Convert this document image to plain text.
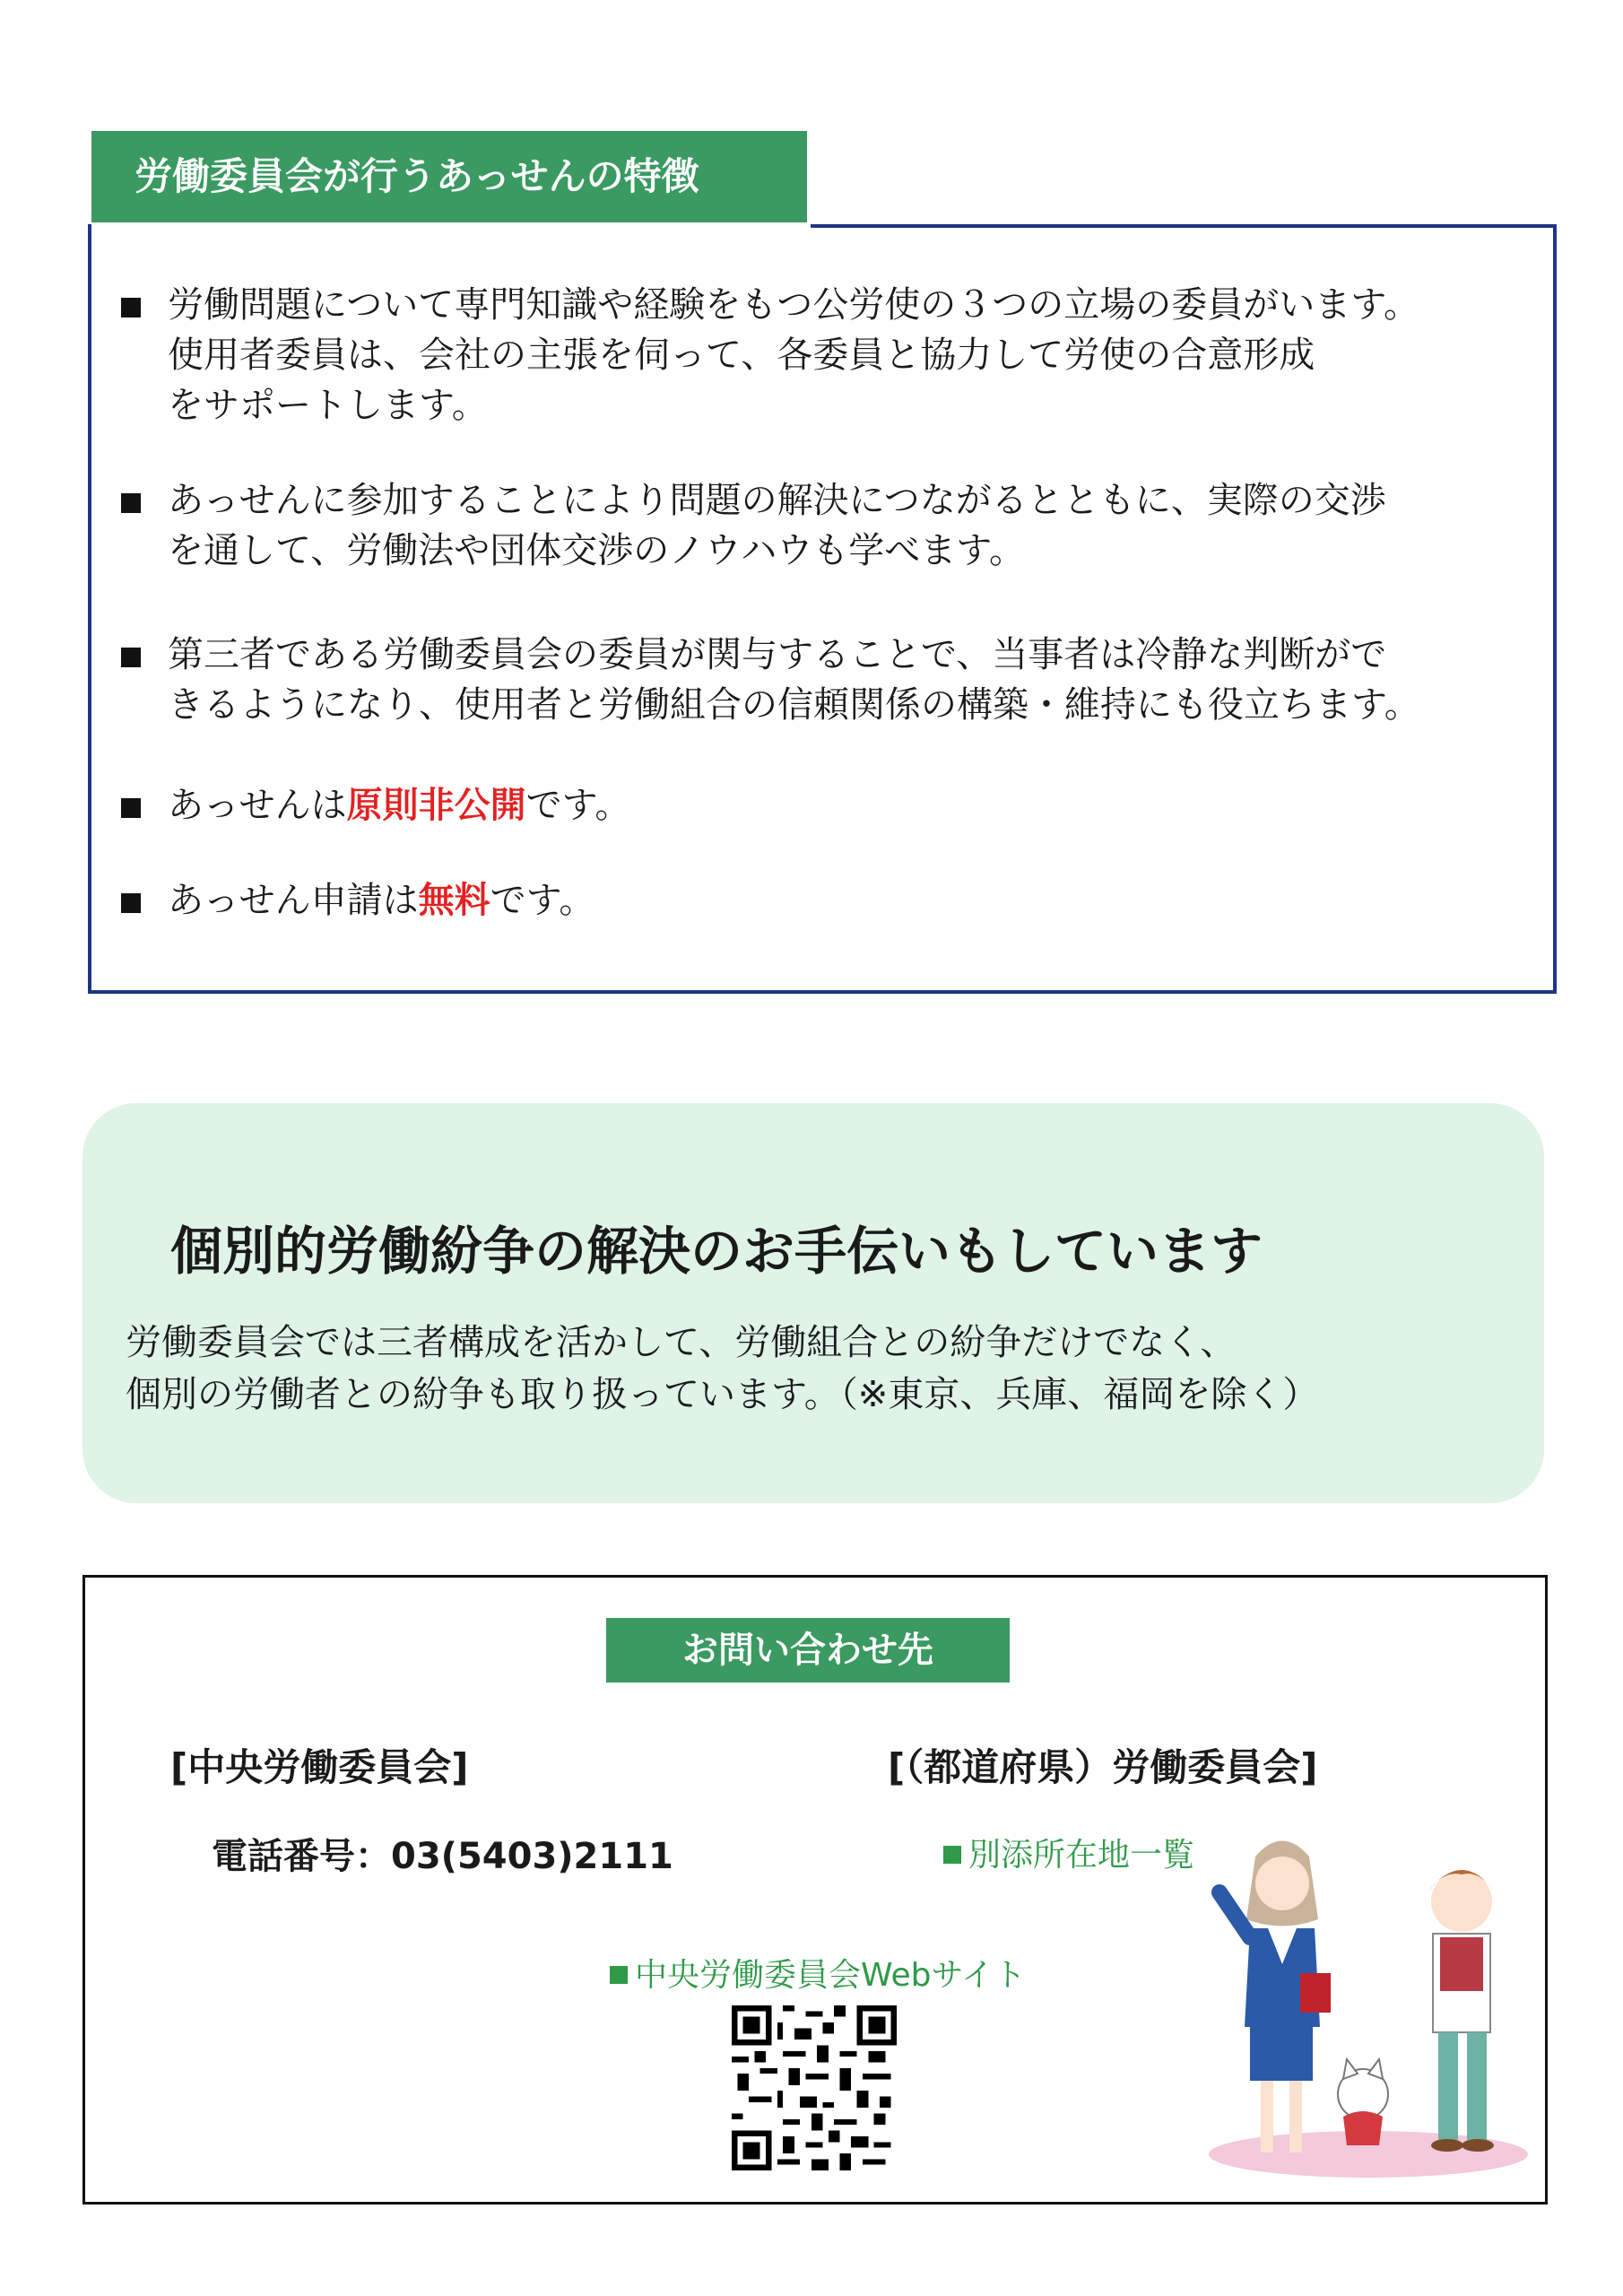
労働委員会が行うあっせんの特徴
労働問題について専門知識や経験をもつ公労使の３つの立場の委員がいます。
使用者委員は、会社の主張を伺って、各委員と協力して労使の合意形成
をサポートします。
あっせんに参加することにより問題の解決につながるとともに、実際の交渉
を通して、労働法や団体交渉のノウハウも学べます。
第三者である労働委員会の委員が関与することで、当事者は冷静な判断がで
きるようになり、使用者と労働組合の信頼関係の構築・維持にも役立ちます。
あっせんは原則非公開です。
あっせん申請は無料です。
個別的労働紛争の解決のお手伝いもしています
労働委員会では三者構成を活かして、労働組合との紛争だけでなく、
個別の労働者との紛争も取り扱っています。（※東京、兵庫、福岡を除く）
お問い合わせ先
[中央労働委員会]	[（都道府県）労働委員会]
電話番号：03(5403)2111	別添所在地一覧
中央労働委員会Webサイト
